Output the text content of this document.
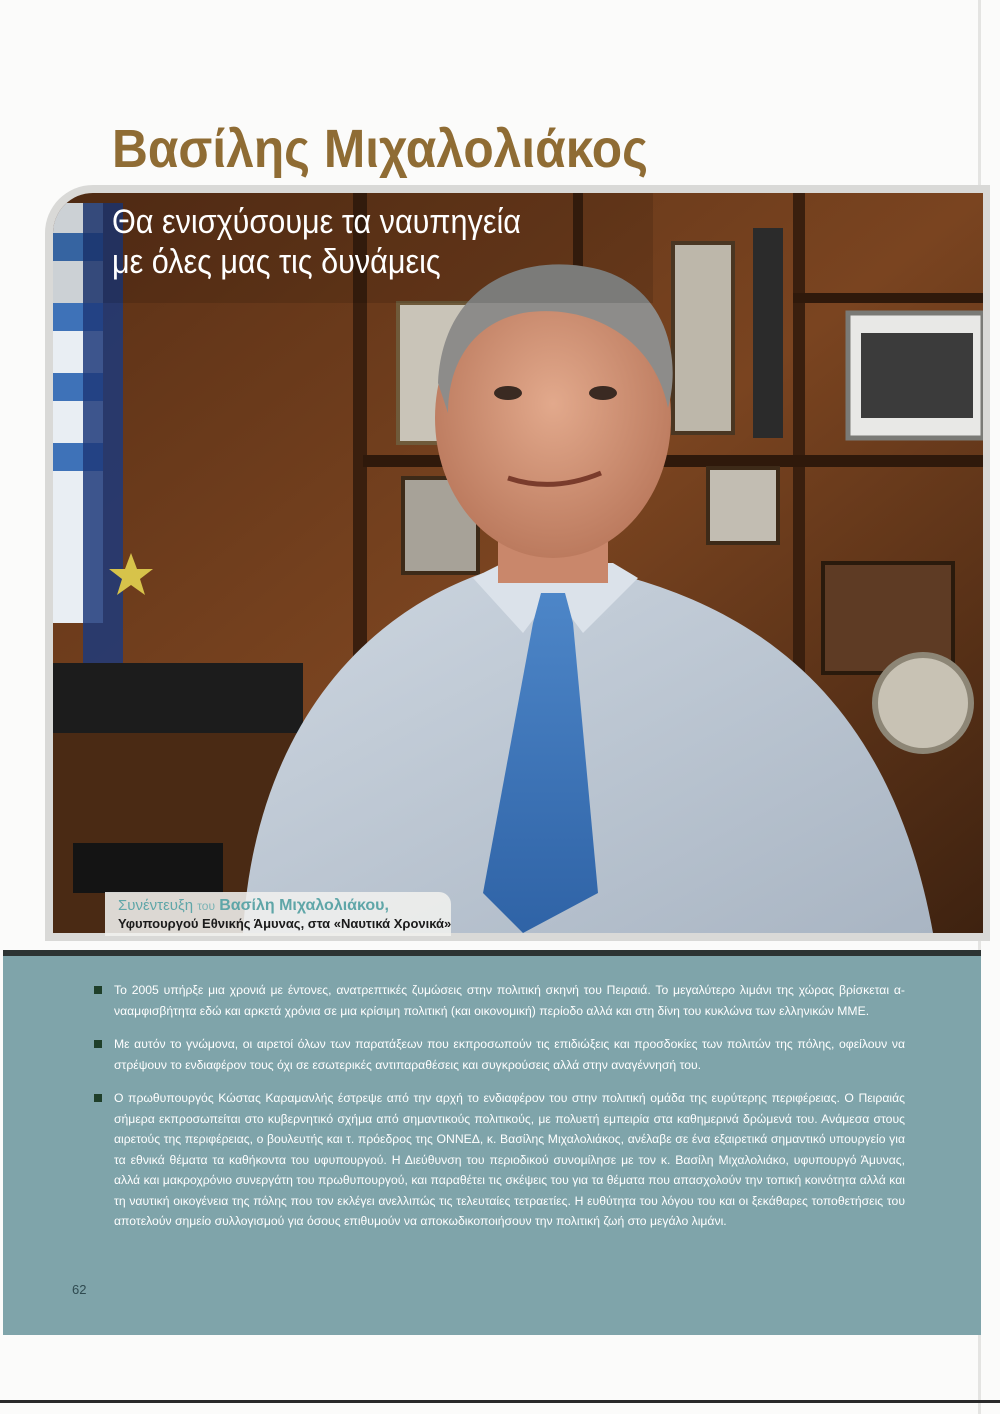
Βασίλης Μιχαλολιάκος
Θα ενισχύσουμε τα ναυπηγεία
με όλες μας τις δυνάμεις
Συνέντευξη του Βασίλη Μιχαλολιάκου,
Υφυπουργού Εθνικής Άμυνας, στα «Ναυτικά Χρονικά»
Το 2005 υπήρξε μια χρονιά με έντονες, ανατρεπτικές ζυμώσεις στην πολιτική σκηνή του Πειραιά. Το μεγαλύτερο λιμάνι της χώρας βρίσκεται α-νααμφισβήτητα εδώ και αρκετά χρόνια σε μια κρίσιμη πολιτική (και οικονομική) περίοδο αλλά και στη δίνη του κυκλώνα των ελληνικών ΜΜΕ.
Με αυτόν το γνώμονα, οι αιρετοί όλων των παρατάξεων που εκπροσωπούν τις επιδιώξεις και προσδοκίες των πολιτών της πόλης, οφείλουν να στρέψουν το ενδιαφέρον τους όχι σε εσωτερικές αντιπαραθέσεις και συγκρούσεις αλλά στην αναγέννησή του.
Ο πρωθυπουργός Κώστας Καραμανλής έστρεψε από την αρχή το ενδιαφέρον του στην πολιτική ομάδα της ευρύτερης περιφέρειας. Ο Πειραιάς σήμερα εκπροσωπείται στο κυβερνητικό σχήμα από σημαντικούς πολιτικούς, με πολυετή εμπειρία στα καθημερινά δρώμενά του. Ανάμεσα στους αιρετούς της περιφέρειας, ο βουλευτής και τ. πρόεδρος της ΟΝΝΕΔ, κ. Βασίλης Μιχαλολιάκος, ανέλαβε σε ένα εξαιρετικά σημαντικό υπουργείο για τα εθνικά θέματα τα καθήκοντα του υφυπουργού. Η Διεύθυνση του περιοδικού συνομίλησε με τον κ. Βασίλη Μιχαλολιάκο, υφυπουργό Άμυνας, αλλά και μακροχρόνιο συνεργάτη του πρωθυπουργού, και παραθέτει τις σκέψεις του για τα θέματα που απασχολούν την τοπική κοινότητα αλλά και τη ναυτική οικογένεια της πόλης που τον εκλέγει ανελλιπώς τις τελευταίες τετραετίες. Η ευθύτητα του λόγου του και οι ξεκάθαρες τοποθετήσεις του αποτελούν σημείο συλλογισμού για όσους επιθυμούν να αποκωδικοποιήσουν την πολιτική ζωή στο μεγάλο λιμάνι.
62
